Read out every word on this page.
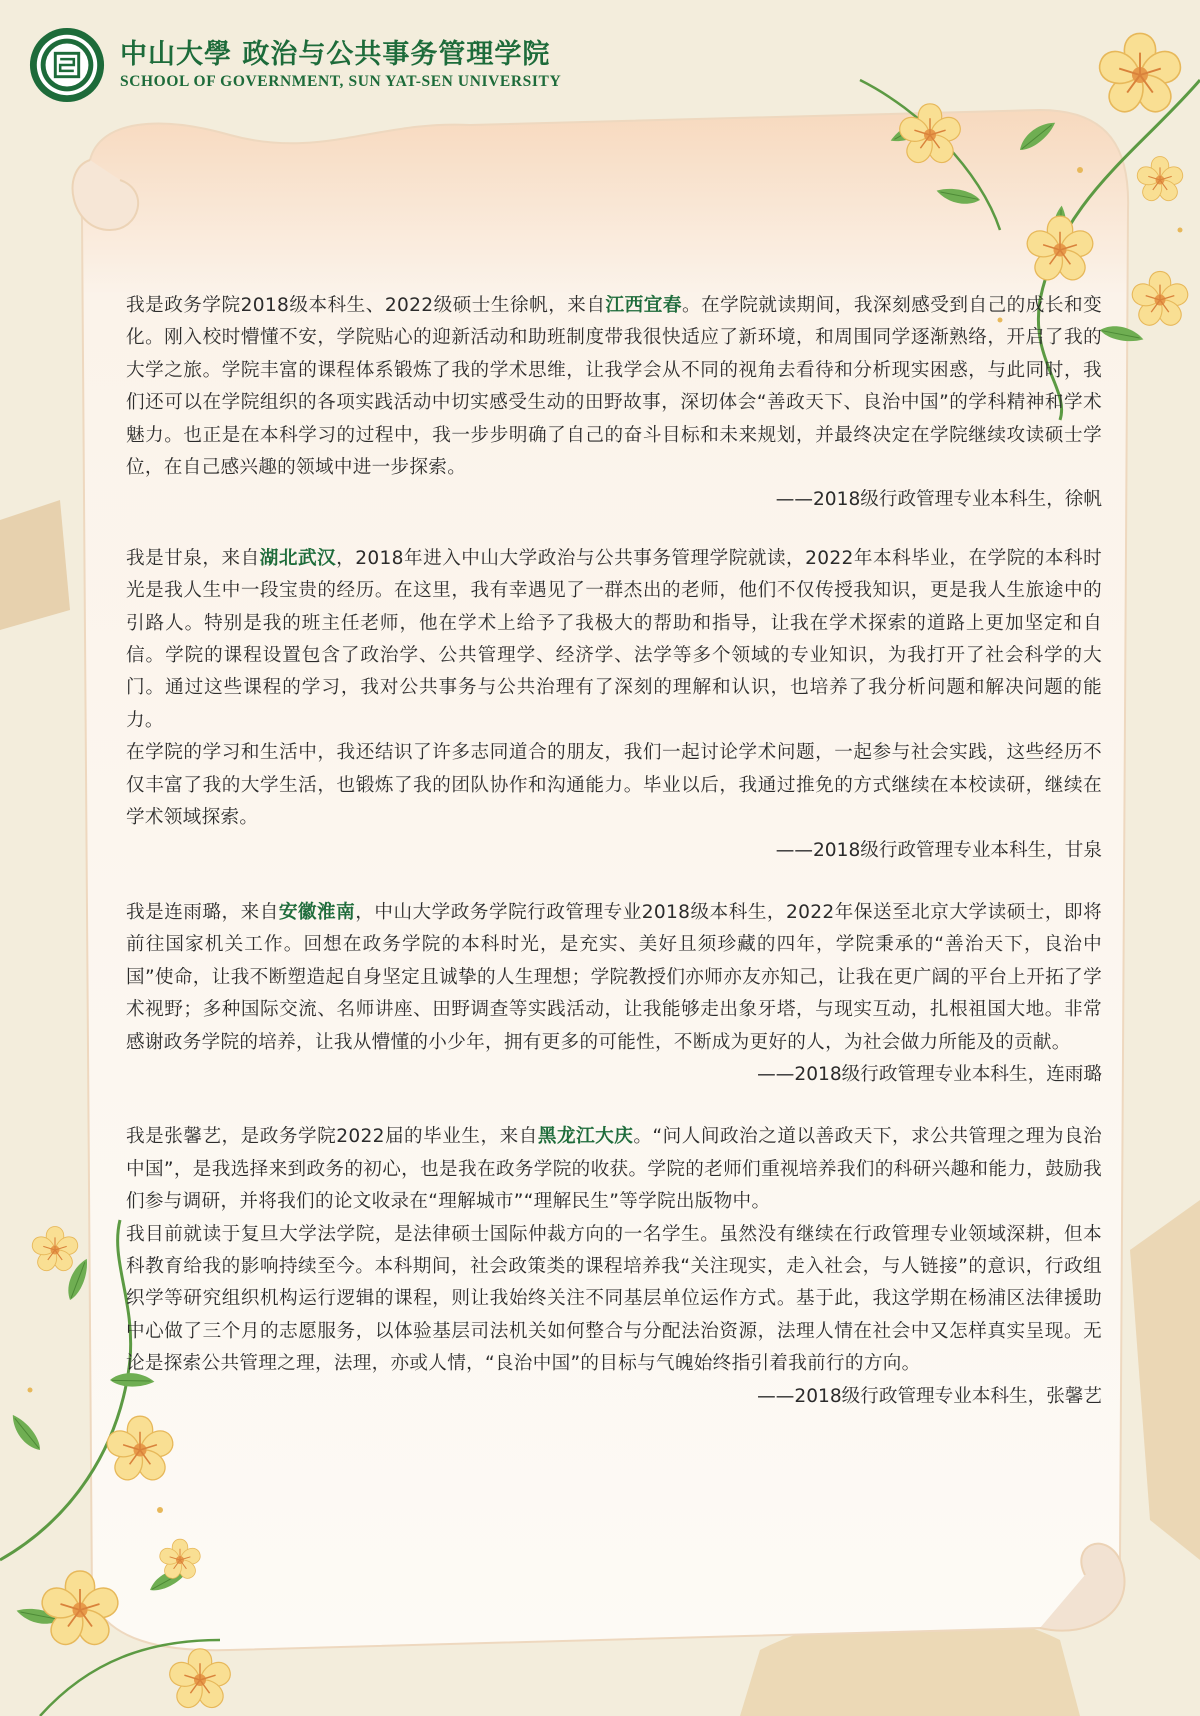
中山大學 政治与公共事务管理学院
SCHOOL OF GOVERNMENT, SUN YAT-SEN UNIVERSITY

我是政务学院2018级本科生、2022级硕士生徐帆，来自江西宜春。在学院就读期间，我深刻感受到自己的成长和变化。刚入校时懵懂不安，学院贴心的迎新活动和助班制度带我很快适应了新环境，和周围同学逐渐熟络，开启了我的大学之旅。学院丰富的课程体系锻炼了我的学术思维，让我学会从不同的视角去看待和分析现实困惑，与此同时，我们还可以在学院组织的各项实践活动中切实感受生动的田野故事，深切体会“善政天下、良治中国”的学科精神和学术魅力。也正是在本科学习的过程中，我一步步明确了自己的奋斗目标和未来规划，并最终决定在学院继续攻读硕士学位，在自己感兴趣的领域中进一步探索。

——2018级行政管理专业本科生，徐帆

我是甘泉，来自湖北武汉，2018年进入中山大学政治与公共事务管理学院就读，2022年本科毕业，在学院的本科时光是我人生中一段宝贵的经历。在这里，我有幸遇见了一群杰出的老师，他们不仅传授我知识，更是我人生旅途中的引路人。特别是我的班主任老师，他在学术上给予了我极大的帮助和指导，让我在学术探索的道路上更加坚定和自信。学院的课程设置包含了政治学、公共管理学、经济学、法学等多个领域的专业知识，为我打开了社会科学的大门。通过这些课程的学习，我对公共事务与公共治理有了深刻的理解和认识，也培养了我分析问题和解决问题的能力。

在学院的学习和生活中，我还结识了许多志同道合的朋友，我们一起讨论学术问题，一起参与社会实践，这些经历不仅丰富了我的大学生活，也锻炼了我的团队协作和沟通能力。毕业以后，我通过推免的方式继续在本校读研，继续在学术领域探索。

——2018级行政管理专业本科生，甘泉

我是连雨璐，来自安徽淮南，中山大学政务学院行政管理专业2018级本科生，2022年保送至北京大学读硕士，即将前往国家机关工作。回想在政务学院的本科时光，是充实、美好且须珍藏的四年，学院秉承的“善治天下，良治中国”使命，让我不断塑造起自身坚定且诚挚的人生理想；学院教授们亦师亦友亦知己，让我在更广阔的平台上开拓了学术视野；多种国际交流、名师讲座、田野调查等实践活动，让我能够走出象牙塔，与现实互动，扎根祖国大地。非常感谢政务学院的培养，让我从懵懂的小少年，拥有更多的可能性，不断成为更好的人，为社会做力所能及的贡献。

——2018级行政管理专业本科生，连雨璐

我是张馨艺，是政务学院2022届的毕业生，来自黑龙江大庆。“问人间政治之道以善政天下，求公共管理之理为良治中国”，是我选择来到政务的初心，也是我在政务学院的收获。学院的老师们重视培养我们的科研兴趣和能力，鼓励我们参与调研，并将我们的论文收录在“理解城市”“理解民生”等学院出版物中。

我目前就读于复旦大学法学院，是法律硕士国际仲裁方向的一名学生。虽然没有继续在行政管理专业领域深耕，但本科教育给我的影响持续至今。本科期间，社会政策类的课程培养我“关注现实，走入社会，与人链接”的意识，行政组织学等研究组织机构运行逻辑的课程，则让我始终关注不同基层单位运作方式。基于此，我这学期在杨浦区法律援助中心做了三个月的志愿服务，以体验基层司法机关如何整合与分配法治资源，法理人情在社会中又怎样真实呈现。无论是探索公共管理之理，法理，亦或人情，“良治中国”的目标与气魄始终指引着我前行的方向。

——2018级行政管理专业本科生，张馨艺
